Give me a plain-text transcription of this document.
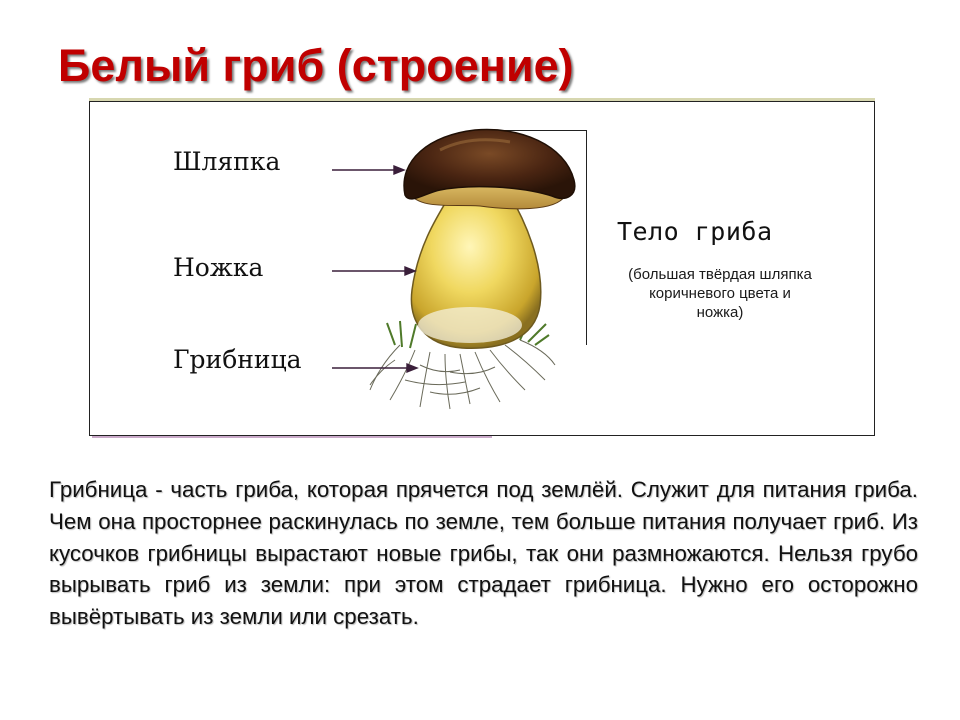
Белый гриб (строение)
Шляпка
Ножка
Грибница
Тело гриба
(большая твёрдая шляпка коричневого цвета и ножка)

Грибница - часть гриба, которая прячется под землёй. Служит для питания гриба. Чем она просторнее раскинулась по земле, тем больше питания получает гриб. Из кусочков грибницы вырастают новые грибы, так они размножаются. Нельзя грубо вырывать гриб из земли: при этом страдает грибница. Нужно его осторожно вывёртывать из земли или срезать.
